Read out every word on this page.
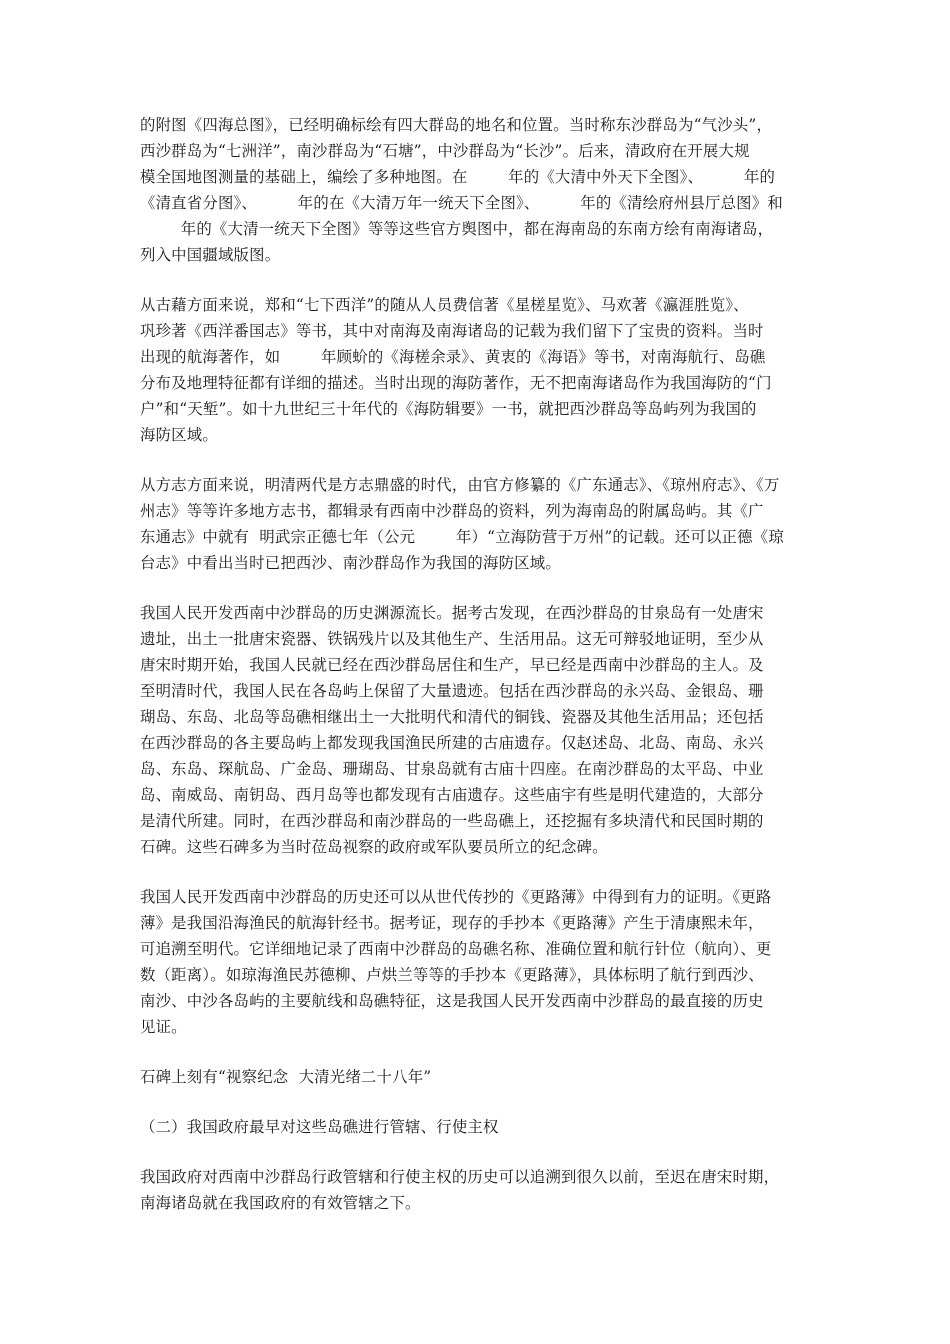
的附图《四海总图》，已经明确标绘有四大群岛的地名和位置。当时称东沙群岛为“气沙头”，
西沙群岛为“七洲洋”，南沙群岛为“石塘”，中沙群岛为“长沙”。后来，清政府在开展大规
模全国地图测量的基础上，编绘了多种地图。在        年的《大清中外天下全图》、        年的
《清直省分图》、        年的在《大清万年一统天下全图》、        年的《清绘府州县厅总图》和
年的《大清一统天下全图》等等这些官方舆图中，都在海南岛的东南方绘有南海诸岛，
列入中国疆域版图。

从古藉方面来说，郑和“七下西洋”的随从人员费信著《星槎星览》、马欢著《瀛涯胜览》、
巩珍著《西洋番国志》等书，其中对南海及南海诸岛的记载为我们留下了宝贵的资料。当时
出现的航海著作，如        年顾蚧的《海槎余录》、黄衷的《海语》等书，对南海航行、岛礁
分布及地理特征都有详细的描述。当时出现的海防著作，无不把南海诸岛作为我国海防的“门
户”和“天堑”。如十九世纪三十年代的《海防辑要》一书，就把西沙群岛等岛屿列为我国的
海防区域。

从方志方面来说，明清两代是方志鼎盛的时代，由官方修纂的《广东通志》、《琼州府志》、《万
州志》等等许多地方志书，都辑录有西南中沙群岛的资料，列为海南岛的附属岛屿。其《广
东通志》中就有  明武宗正德七年（公元        年）“立海防营于万州”的记载。还可以正德《琼
台志》中看出当时已把西沙、南沙群岛作为我国的海防区域。

我国人民开发西南中沙群岛的历史渊源流长。据考古发现，在西沙群岛的甘泉岛有一处唐宋
遗址，出土一批唐宋瓷器、铁锅残片以及其他生产、生活用品。这无可辩驳地证明，至少从
唐宋时期开始，我国人民就已经在西沙群岛居住和生产，早已经是西南中沙群岛的主人。及
至明清时代，我国人民在各岛屿上保留了大量遗迹。包括在西沙群岛的永兴岛、金银岛、珊
瑚岛、东岛、北岛等岛礁相继出土一大批明代和清代的铜钱、瓷器及其他生活用品；还包括
在西沙群岛的各主要岛屿上都发现我国渔民所建的古庙遗存。仅赵述岛、北岛、南岛、永兴
岛、东岛、琛航岛、广金岛、珊瑚岛、甘泉岛就有古庙十四座。在南沙群岛的太平岛、中业
岛、南威岛、南钥岛、西月岛等也都发现有古庙遗存。这些庙宇有些是明代建造的，大部分
是清代所建。同时，在西沙群岛和南沙群岛的一些岛礁上，还挖掘有多块清代和民国时期的
石碑。这些石碑多为当时莅岛视察的政府或军队要员所立的纪念碑。

我国人民开发西南中沙群岛的历史还可以从世代传抄的《更路薄》中得到有力的证明。《更路
薄》是我国沿海渔民的航海针经书。据考证，现存的手抄本《更路薄》产生于清康熙未年，
可追溯至明代。它详细地记录了西南中沙群岛的岛礁名称、准确位置和航行针位（航向）、更
数（距离）。如琼海渔民苏德柳、卢烘兰等等的手抄本《更路薄》，具体标明了航行到西沙、
南沙、中沙各岛屿的主要航线和岛礁特征，这是我国人民开发西南中沙群岛的最直接的历史
见证。

石碑上刻有“视察纪念  大清光绪二十八年”

（二）我国政府最早对这些岛礁进行管辖、行使主权

我国政府对西南中沙群岛行政管辖和行使主权的历史可以追溯到很久以前，至迟在唐宋时期，
南海诸岛就在我国政府的有效管辖之下。
